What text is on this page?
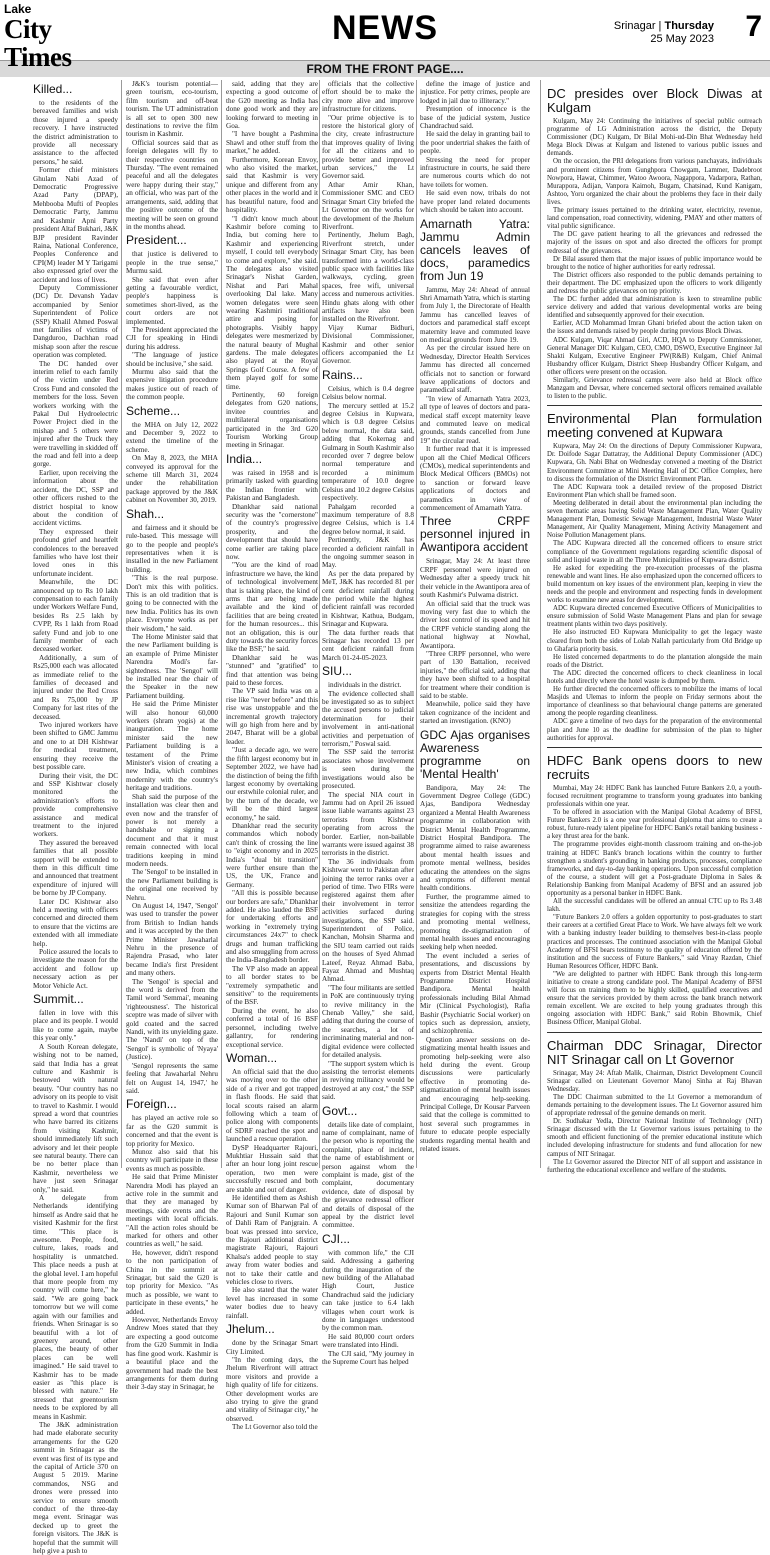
Lake
City Times
NEWS	Srinagar | Thursday
25 May 2023 7
FROM THE FRONT PAGE....
Killed...

to the residents of the bereaved families and wish those injured a speedy recovery. I have instructed the district administration to provide all necessary assistance to the affected persons," he said.

Former chief ministers Ghulam Nabi Azad of Democratic Progressive Azad Party (DPAP), Mehbooba Mufti of Peoples Democratic Party, Jammu and Kashmir Apni Party president Altaf Bukhari, J&K BJP president Ravinder Raina, National Conference, Peoples Conference and CPI(M) leader M Y Tarigami also expressed grief over the accident and loss of lives.

Deputy Commissioner (DC) Dr. Devansh Yadav accompanied by Senior Superintendent of Police (SSP) Khalil Ahmed Poswal met families of victims of Dangduroo, Dachhan road mishap soon after the rescue operation was completed.

The DC handed over interim relief to each family of the victim under Red Cross Fund and consoled the members for the loss. Seven workers working with the Pakal Dul Hydroelectric Power Project died in the mishap and 5 others were injured after the Truck they were travelling in skidded off the road and fell into a deep gorge.

Earlier, upon receiving the information about the accident, the DC, SSP and other officers rushed to the district hospital to know about the condition of accident victims.

They expressed their profound grief and heartfelt condolences to the bereaved families who have lost their loved ones in this unfortunate incident.

Meanwhile, the DC announced up to Rs 10 lakh compensation to each family under Workers Welfare Fund, besides Rs 2.5 lakh by CVPP, Rs 1 lakh from Road safety Fund and job to one family member of each deceased worker.

Additionally, a sum of Rs25,000 each was allocated as immediate relief to the families of deceased and injured under the Red Cross and Rs 75,000 by JP Company for last rites of the deceased.

Two injured workers have been shifted to GMC Jammu and one to at DH Kishtwar for medical treatment, ensuring they receive the best possible care.

During their visit, the DC and SSP Kishtwar closely monitored the administration's efforts to provide comprehensive assistance and medical treatment to the injured workers.

They assured the bereaved families that all possible support will be extended to them in this difficult time and announced that treatment expenditure of injured will be borne by JP Company.

Later DC Kishtwar also held a meeting with officers concerned and directed them to ensure that the victims are extended with all immediate help.

Police assured the locals to investigate the reason for the accident and follow up necessary action as per Motor Vehicle Act.

Summit...

fallen in love with this place and its people. I would like to come again, maybe this year only."

A South Korean delegate, wishing not to be named, said that India has a great culture and Kashmir is bestowed with natural beauty. "Our country has no advisory on its people to visit to travel to Kashmir. I would spread a word that countries who have barred its citizens from visiting Kashmir, should immediately lift such advisory and let their people see natural beauty. There can be no better place than Kashmir, nevertheless we have just seen Srinagar only," he said.

A delegate from Netherlands identifying himself as Andre said that he visited Kashmir for the first time. "This place is awesome. People, food, culture, lakes, roads and hospitality is unmatched. This place needs a push at the global level. I am hopeful that more people from my country will come here," he said. "We are going back tomorrow but we will come again with our families and friends. When Srinagar is so beautiful with a lot of greenery around, other places, the beauty of other places can be well imagined." He said travel to Kashmir has to be made easier as "this place is blessed with nature." He stressed that greentourism needs to be explored by all means in Kashmir.

The J&K administration had made elaborate security arrangements for the G20 summit in Srinagar as the event was first of its type and the capital of Article 370 on August 5 2019. Marine commandos, NSG and drones were pressed into service to ensure smooth conduct of the three-day mega event. Srinagar was decked up to greet the foreign visitors. The J&K is hopeful that the summit will help give a push to

J&K's tourism potential—green tourism, eco-tourism, film tourism and off-beat tourism. The UT administration is all set to open 300 new destinations to revive the film tourism in Kashmir.

Official sources said that as foreign delegates will fly to their respective countries on Thursday. "The event remained peaceful and all the delegates were happy during their stay," an official, who was part of the arrangements, said, adding that the positive outcome of the meeting will be seen on ground in the months ahead.

President...

that justice is delivered to people in the true sense," Murmu said.

She said that even after getting a favourable verdict, people's happiness is sometimes short-lived, as the court orders are not implemented.

The President appreciated the CJI for speaking in Hindi during his address.

"The language of justice should be inclusive," she said.

Murmu also said that the expensive litigation procedure makes justice out of reach of the common people.

Scheme...

the MHA on July 12, 2022 and December 9, 2022 to extend the timeline of the scheme.

On May 8, 2023, the MHA conveyed its approval for the scheme till March 31, 2024 under the rehabilitation package approved by the J&K cabinet on November 30, 2019.

Shah...

and fairness and it should be rule-based. This message will go to the people and people's representatives when it is installed in the new Parliament building.

"This is the real purpose. Don't mix this with politics. This is an old tradition that is going to be connected with the new India. Politics has its own place. Everyone works as per their wisdom," he said.

The Home Minister said that the new Parliament building is an example of Prime Minister Narendra Modi's far-sightedness. The 'Sengol' will be installed near the chair of the Speaker in the new Parliament building.

He said the Prime Minister will also honour 60,000 workers (shram yogis) at the inauguration. The home minister said the new Parliament building is a testament of the Prime Minister's vision of creating a new India, which combines modernity with the country's heritage and traditions.

Shah said the purpose of the installation was clear then and even now and the transfer of power is not merely a handshake or signing a document and that it must remain connected with local traditions keeping in mind modern needs.

The 'Sengol' to be installed in the new Parliament building is the original one received by Nehru.

On August 14, 1947, 'Sengol' was used to transfer the power from British to Indian hands and it was accepted by the then Prime Minister Jawaharlal Nehru in the presence of Rajendra Prasad, who later became India's first President and many others.

The 'Sengol' is special and the word is derived from the Tamil word 'Semmai', meaning 'righteousness'. The historical sceptre was made of silver with gold coated and the sacred Nandi, with its unyielding gaze. The 'Nandi' on top of the 'Sengol' is symbolic of 'Nyaya' (Justice).

'Sengol represents the same feeling that Jawaharlal Nehru felt on August 14, 1947,' he said.

Foreign...

has played an active role so far as the G20 summit is concerned and that the event is top priority for Mexico.

Munoz also said that his country will participate in these events as much as possible.

He said that Prime Minister Narendra Modi has played an active role in the summit and that they are managed by meetings, side events and the meetings with local officials. "All the action roles should be marked for others and other countries as well," he said.

He, however, didn't respond to the non participation of China in the summit at Srinagar, but said the G20 is top priority for Mexico. "As much as possible, we want to participate in these events," he added.

However, Netherlands Envoy Andrew Moes stated that they are expecting a good outcome from the G20 Summit in India has fine good work. Kashmir is a beautiful place and the government had made the best arrangements for them during their 3-day stay in Srinagar, he

said, adding that they are expecting a good outcome of the G20 meeting as India has done good work and they are looking forward to meeting in Goa.

"I have bought a Pashmina Shawl and other stuff from the market," he added.

Furthermore, Korean Envoy, who also visited the market, said that Kashmir is very unique and different from any other places in the world and it has beautiful nature, food and hospitality.

"I didn't know much about Kashmir before coming to India, but coming here to Kashmir and experiencing myself, I could tell everybody to come and explore," she said. The delegates also visited Srinagar's Nishat Garden, Nishat and Pari Mahal overlooking Dal lake. Many women delegates were seen wearing Kashmiri traditional attire and posing for photographs. Visibly happy delegates were mesmerized by the natural beauty of Mughal gardens. The male delegates also played at the Royal Springs Golf Course. A few of them played golf for some time.

Pertinently, 60 foreign delegates from G20 nations, invitee countries and multilateral organisations participated in the 3rd G20 Tourism Working Group meeting in Srinagar.

India...

was raised in 1958 and is primarily tasked with guarding the Indian frontier with Pakistan and Bangladesh.

Dhankhar said national security was the "cornerstone" of the country's progressive prosperity, and the development that should have come earlier are taking place now.

"You are the kind of road infrastructure we have, the kind of technological involvement that is taking place, the kind of arms that are being made available and the kind of facilities that are being created for the human resources... this not an obligation, this is our duty towards the security forces like the BSF," he said.

Dhankhar said he was "stunned" and "gratified" to find that attention was being paid to these forces.

The VP said India was on a rise like "never before" and this rise was unstoppable and the incremental growth trajectory will go high from here and by 2047, Bharat will be a global leader.

"Just a decade ago, we were the fifth largest economy but in September 2022, we have had the distinction of being the fifth largest economy by overtaking our erstwhile colonial ruler, and by the turn of the decade, we will be the third largest economy," he said.

Dhankhar read the security commandos which nobody can't think of crossing the line to "eight economy and in 2025 India's "dual bit transition" were further ensure than the US, the UK, France and Germany.

"All this is possible because our borders are safe," Dhankhar added. He also lauded the BSF for undertaking efforts and working in "extremely trying circumstances 24x7" to check drugs and human trafficking and also smuggling from across the India-Bangladesh border.

The VP also made an appeal to all border states to be "extremely sympathetic and sensitive" to the requirements of the BSF.

During the event, he also conferred a total of 16 BSF personnel, including twelve gallantry, for rendering exceptional service.

Woman...

An official said that the duo was moving over to the other side of a river and got trapped in flash floods. He said that local scouts raised an alarm following which a team of police along with components of SDRF reached the spot and launched a rescue operation.

DySP Headquarter Rajouri, Mukhtiar Hussain said that after an hour long joint rescue operation, two men were successfully rescued and both are stable and out of danger.

He identified them as Ashish Kumar son of Bharwan Pal of Rajouri and Sunil Kumar son of Dahli Ram of Panjgrain. A boat was pressed into service, the Rajouri additional district magistrate Rajouri, Rajouri Khalsa's added people to stay away from water bodies and not to take their cattle and vehicles close to rivers.

He also stated that the water level has increased in some water bodies due to heavy rainfall.

Jhelum...

done by the Srinagar Smart City Limited.

"In the coming days, the Jhelum Riverfront will attract more visitors and provide a high quality of life for citizens. Other development works are also trying to give the grand and vitality of Srinagar city," he observed.

The Lt Governor also told the

officials that the collective effort should be to make the city more alive and improve infrastructure for citizens.

"Our prime objective is to restore the historical glory of the city, create infrastructure that improves quality of living for all the citizens and to provide better and improved urban services," the Lt Governor said.

Athar Amir Khan, Commissioner SMC and CEO Srinagar Smart City briefed the Lt Governor on the works for the development of the Jhelum Riverfront.

Pertinently, Jhelum Bagh, Riverfront stretch, under Srinagar Smart City, has been transformed into a world-class public space with facilities like walkways, cycling, green spaces, free wifi, universal access and numerous activities. Hindu ghats along with other artifacts have also been installed on the Riverfront.

Vijay Kumar Bidhuri, Divisional Commissioner, Kashmir and other senior officers accompanied the Lt Governor.

Rains...

Celsius, which is 0.4 degree Celsius below normal.

The mercury settled at 15.2 degree Celsius in Kupwara, which is 0.8 degree Celsius below normal, the data said, adding that Kokernag and Gulmarg in South Kashmir also recorded over 7 degree below normal temperature and recorded a minimum temperature of 10.0 degree Celsius and 10.2 degree Celsius respectively.

Pahalgam recorded a maximum temperature of 8.8 degree Celsius, which is 1.4 degree below normal, it said.

Pertinently, J&K has recorded a deficient rainfall in the ongoing summer season in May.

As per the data prepared by MeT, J&K has recorded 81 per cent deficient rainfall during the period while the highest deficient rainfall was recorded in Kishtwar, Kathua, Budgam, Srinagar and Kupwara.

The data further reads that Srinagar has recorded 13 per cent deficient rainfall from March 01-24-05-2023.

SIU...

individuals in the district.

The evidence collected shall be investigated so as to subject the accused persons to judicial determination for their involvement in anti-national activities and perpetuation of terrorism," Poswal said.

The SSP said the terrorist associates whose involvement is seen during the investigations would also be prosecuted.

The special NIA court in Jammu had on April 26 issued issue liable warrants against 23 terrorists from Kishtwar operating from across the border. Earlier, non-bailable warrants were issued against 38 terrorists in the district.

The 36 individuals from Kishtwar went to Pakistan after joining the terror ranks over a period of time. Two FIRs were registered against them after their involvement in terror activities surfaced during investigations, the SSP said. Superintendent of Police, Kanchan, Mohsin Sharma and the SIU team carried out raids on the houses of Syed Ahmad Lateef, Reyaz Ahmad Baba, Fayaz Ahmad and Mushtaq Ahmad.

"The four militants are settled in PoK are continuously trying to revive militancy in the Chenab Valley," she said, adding that during the course of the searches, a lot of incriminating material and non-digital evidence were collected for detailed analysis.

"The support system which is assisting the terrorist elements in reviving militancy would be destroyed at any cost," the SSP said.

Govt...

details like date of complaint, name of complainant, name of the person who is reporting the complaint, place of incident, the name of establishment or person against whom the complaint is made, gist of the complaint, documentary evidence, date of disposal by the grievance redressal officer and details of disposal of the appeal by the district level committee.

CJI...

with common life," the CJI said. Addressing a gathering during the inauguration of the new building of the Allahabad High Court, Justice Chandrachud said the judiciary can take justice to 6.4 lakh villages when court work is done in languages understood by the common man.

He said 80,000 court orders were translated into Hindi.

The CJI said, "My journey in the Supreme Court has helped

define the image of justice and injustice. For petty crimes, people are lodged in jail due to illiteracy."

Presumption of innocence is the base of the judicial system, Justice Chandrachud said.

He said the delay in granting bail to the poor undertrial shakes the faith of people.

Stressing the need for proper infrastructure in courts, he said there are numerous courts which do not have toilets for women.

He said even now, tribals do not have proper land related documents which should be taken into account.

Amarnath Yatra: Jammu Admin cancels leaves of docs, paramedics from Jun 19

Jammu, May 24: Ahead of annual Shri Amarnath Yatra, which is starting from July 1, the Directorate of Health Jammu has cancelled leaves of doctors and paramedical staff except maternity leave and commuted leave on medical grounds from June 19.

As per the circular issued here on Wednesday, Director Health Services Jammu has directed all concerned officials not to sanction or forward leave applications of doctors and paramedical staff.

"In view of Amarnath Yatra 2023, all type of leaves of doctors and para-medical staff except maternity leave and commuted leave on medical grounds, stands cancelled from June 19" the circular read.

It further read that it is impressed upon all the Chief Medical Officers (CMOs), medical superintendents and Block Medical Officers (BMOs) not to sanction or forward leave applications of doctors and paramedics in view of commencement of Amarnath Yatra.

Three CRPF personnel injured in Awantipora accident

Srinagar, May 24: At least three CRPF personnel were injured on Wednesday after a speedy truck hit their vehicle in the Awantipora area of south Kashmir's Pulwama district.

An official said that the truck was moving very fast due to which the driver lost control of its speed and hit the CRPF vehicle standing along the national highway at Nowhal, Awantipora.

"Three CRPF personnel, who were part of 130 Battalion, received injuries," the official said, adding that they have been shifted to a hospital for treatment where their condition is said to be stable.

Meanwhile, police said they have taken cognizance of the incident and started an investigation. (KNO)

GDC Ajas organises Awareness programme on 'Mental Health'

Bandipora, May 24: The Government Degree College (GDC) Ajas, Bandipora Wednesday organized a Mental Health Awareness programme in collaboration with District Mental Health Programme, District Hospital Bandipora. The programme aimed to raise awareness about mental health issues and promote mental wellness, besides educating the attendees on the signs and symptoms of different mental health conditions.

Further, the programme aimed to sensitize the attendees regarding the strategies for coping with the stress and promoting mental wellness, promoting de-stigmatization of mental health issues and encouraging seeking help when needed.

The event included a series of presentations, and discussions by experts from District Mental Health Programme District Hospital Bandipora. Mental health professionals including Bilal Ahmad Mir (Clinical Psychologist), Rafia Bashir (Psychiatric Social worker) on topics such as depression, anxiety, and schizophrenia.

Question answer sessions on de-stigmatizing mental health issues and promoting help-seeking were also held during the event. Group discussions were particularly effective in promoting de-stigmatization of mental health issues and encouraging help-seeking. Principal College, Dr Kousar Parveen said that the college is committed to host several such programmes in future to educate people especially students regarding mental health and related issues.

DC presides over Block Diwas at Kulgam

Kulgam, May 24: Continuing the initiatives of special public outreach programme of LG Administration across the district, the Deputy Commissioner (DC) Kulgam, Dr Bilal Mohi-ud-Din Bhat Wednesday held Mega Block Diwas at Kulgam and listened to various public issues and demands.

On the occasion, the PRI delegations from various panchayats, individuals and prominent citizens from Gunghpora Chowgam, Lammer, Dadebroot Nowpora, Hawat, Chimmer, Watoo Awoora, Nagappora, Vadarpora, Rathan, Murappora, Adijan, Vanpora Kaimoh, Bugam, Chatsinad, Kund Kanigam, Ashtoo, Yoru organized the chair about the problems they face in their daily lives.

The primary issues pertained to the drinking water, electricity, revenue, land compensation, road connectivity, widening, PMAY and other matters of vital public significance.

The DC gave patient hearing to all the grievances and redressed the majority of the issues on spot and also directed the officers for prompt redressal of the grievances.

Dr Bilal assured them that the major issues of public importance would be brought to the notice of higher authorities for early redressal.

The District officers also responded to the public demands pertaining to their department. The DC emphasized upon the officers to work diligently and redress the public grievances on top priority.

The DC further added that administration is keen to streamline public service delivery and added that various developmental works are being identified and subsequently approved for their execution.

Earlier, ACD Mohammad Imran Ghani briefed about the action taken on the issues and demands raised by people during previous Block Diwas.

ADC Kulgam, Viqar Ahmad Giri, ACD, HQA to Deputy Commissioner, General Manager DIC Kulgam, CEO, CMO, DSWO, Executive Engineer Jal Shakti Kulgam, Executive Engineer PW(R&B) Kulgam, Chief Animal Husbandry officer Kulgam, District Sheep Husbandry Officer Kulgam, and other officers were present on the occasion.

Similarly, Grievance redressal camps were also held at Block office Manzgam and Devsar, where concerned sectoral officers remained available to listen to the public.

Environmental Plan formulation meeting convened at Kupwara

Kupwara, May 24: On the directions of Deputy Commissioner Kupwara, Dr. Doifode Sagar Dattatray, the Additional Deputy Commissioner (ADC) Kupwara, Gh. Nabi Bhat on Wednesday convened a meeting of the District Environment Committee at Mini Meeting Hall of DC Office Complex, here to discuss the formulation of the District Environment Plan.

The ADC Kupwara took a detailed review of the proposed District Environment Plan which shall be framed soon.

Meeting deliberated in detail about the environmental plan including the seven thematic areas having Solid Waste Management Plan, Water Quality Management Plan, Domestic Sewage Management, Industrial Waste Water Management, Air Quality Management, Mining Activity Management and Noise Pollution Management plans.

The ADC Kupwara directed all the concerned officers to ensure strict compliance of the Government regulations regarding scientific disposal of solid and liquid waste in all the Three Municipalities of Kupwara district.

He asked for expediting the pre-execution processes of the plasma renewable and want lines. He also emphasized upon the concerned officers to build momentum on key issues of the environment plan, keeping in view the needs and the people and environment and respecting funds in development works to examine new areas for development.

ADC Kupwara directed concerned Executive Officers of Municipalities to ensure submission of Solid Waste Management Plans and plan for sewage treatment plants within two days positively.

He also instructed EO Kupwara Municipality to get the legacy waste cleared from both the sides of Lolab Nallah particularly from Old Bridge up to Ghafaria priority basis.

He listed concerned departments to do the plantation alongside the main roads of the District.

The ADC directed the concerned officers to check cleanliness in local hotels and directly where the hotel waste is dumped by them.

He further directed the concerned officers to mobilize the imams of local Masjids and Ulemas to inform the people on Friday sermons about the importance of cleanliness so that behavioural change patterns are generated among the people regarding cleanliness.

ADC gave a timeline of two days for the preparation of the environmental plan and June 10 as the deadline for submission of the plan to higher authorities for approval.

HDFC Bank opens doors to new recruits

Mumbai, May 24: HDFC Bank has launched Future Bankers 2.0, a youth-focused recruitment programme to transform young graduates into banking professionals within one year.

To be offered in association with the Manipal Global Academy of BFSI, Future Bankers 2.0 is a one year professional diploma that aims to create a robust, future-ready talent pipeline for HDFC Bank's retail banking business - a key thrust area for the bank.

The programme provides eight-month classroom training and on-the-job training at HDFC Bank's branch locations within the country to further strengthen a student's grounding in banking products, processes, compliance frameworks, and day-to-day banking operations. Upon successful completion of the course, a student will get a Post-graduate Diploma in Sales & Relationship Banking from Manipal Academy of BFSI and an assured job opportunity as a personal banker in HDFC Bank.

All the successful candidates will be offered an annual CTC up to Rs 3.48 lakh.

"Future Bankers 2.0 offers a golden opportunity to post-graduates to start their careers at a certified Great Place to Work. We have always felt we work with a banking industry leader building to themselves best-in-class people practices and processes. The continued association with the Manipal Global Academy of BFSI bears testimony to the quality of education offered by the institution and the success of Future Bankers," said Vinay Razdan, Chief Human Resources Officer, HDFC Bank.

"We are delighted to partner with HDFC Bank through this long-term initiative to create a strong candidate pool. The Manipal Academy of BFSI will focus on training them to be highly skilled, qualified executives and ensure that the services provided by them across the bank branch network remain excellent. We are excited to help young graduates through this ongoing association with HDFC Bank," said Robin Bhowmik, Chief Business Officer, Manipal Global.

Chairman DDC Srinagar, Director NIT Srinagar call on Lt Governor

Srinagar, May 24: Aftab Malik, Chairman, District Development Council Srinagar called on Lieutenant Governor Manoj Sinha at Raj Bhavan Wednesday.

The DDC Chairman submitted to the Lt Governor a memorandum of demands pertaining to the development issues. The Lt Governor assured him of appropriate redressal of the genuine demands on merit.

Dr. Sudhakar Yedla, Director National Institute of Technology (NIT) Srinagar discussed with the Lt Governor various issues pertaining to the smooth and efficient functioning of the premier educational institute which included developing infrastructure for students and fund allocation for new campus of NIT Srinagar.

The Lt Governor assured the Director NIT of all support and assistance in furthering the educational excellence and welfare of the students.
